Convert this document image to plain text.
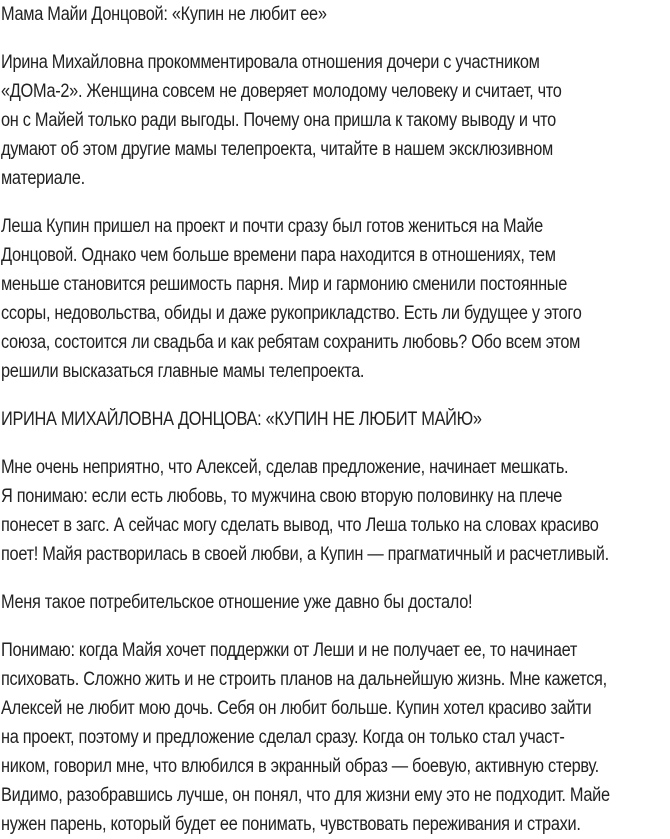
Мама Майи Донцовой: «Купин не любит ее»
Ирина Михайловна прокомментировала отношения дочери с участником
«ДОМа-2». Женщина совсем не доверяет молодому человеку и считает, что
он с Майей только ради выгоды. Почему она пришла к такому выводу и что
думают об этом другие мамы телепроекта, читайте в нашем эксклюзивном
материале.
Леша Купин пришел на проект и почти сразу был готов жениться на Майе
Донцовой. Однако чем больше времени пара находится в отношениях, тем
меньше становится решимость парня. Мир и гармонию сменили постоянные
ссоры, недовольства, обиды и даже рукоприкладство. Есть ли будущее у этого
союза, состоится ли свадьба и как ребятам сохранить любовь? Обо всем этом
решили высказаться главные мамы телепроекта.
ИРИНА МИХАЙЛОВНА ДОНЦОВА: «КУПИН НЕ ЛЮБИТ МАЙЮ»
Мне очень неприятно, что Алексей, сделав предложение, начинает мешкать.
Я понимаю: если есть любовь, то мужчина свою вторую половинку на плече
понесет в загс. А сейчас могу сделать вывод, что Леша только на словах красиво
поет! Майя растворилась в своей любви, а Купин — прагматичный и расчетливый.
Меня такое потребительское отношение уже давно бы достало!
Понимаю: когда Майя хочет поддержки от Леши и не получает ее, то начинает
психовать. Сложно жить и не строить планов на дальнейшую жизнь. Мне кажется,
Алексей не любит мою дочь. Себя он любит больше. Купин хотел красиво зайти
на проект, поэтому и предложение сделал сразу. Когда он только стал участ-
ником, говорил мне, что влюбился в экранный образ — боевую, активную стерву.
Видимо, разобравшись лучше, он понял, что для жизни ему это не подходит. Майе
нужен парень, который будет ее понимать, чувствовать переживания и страхи.
